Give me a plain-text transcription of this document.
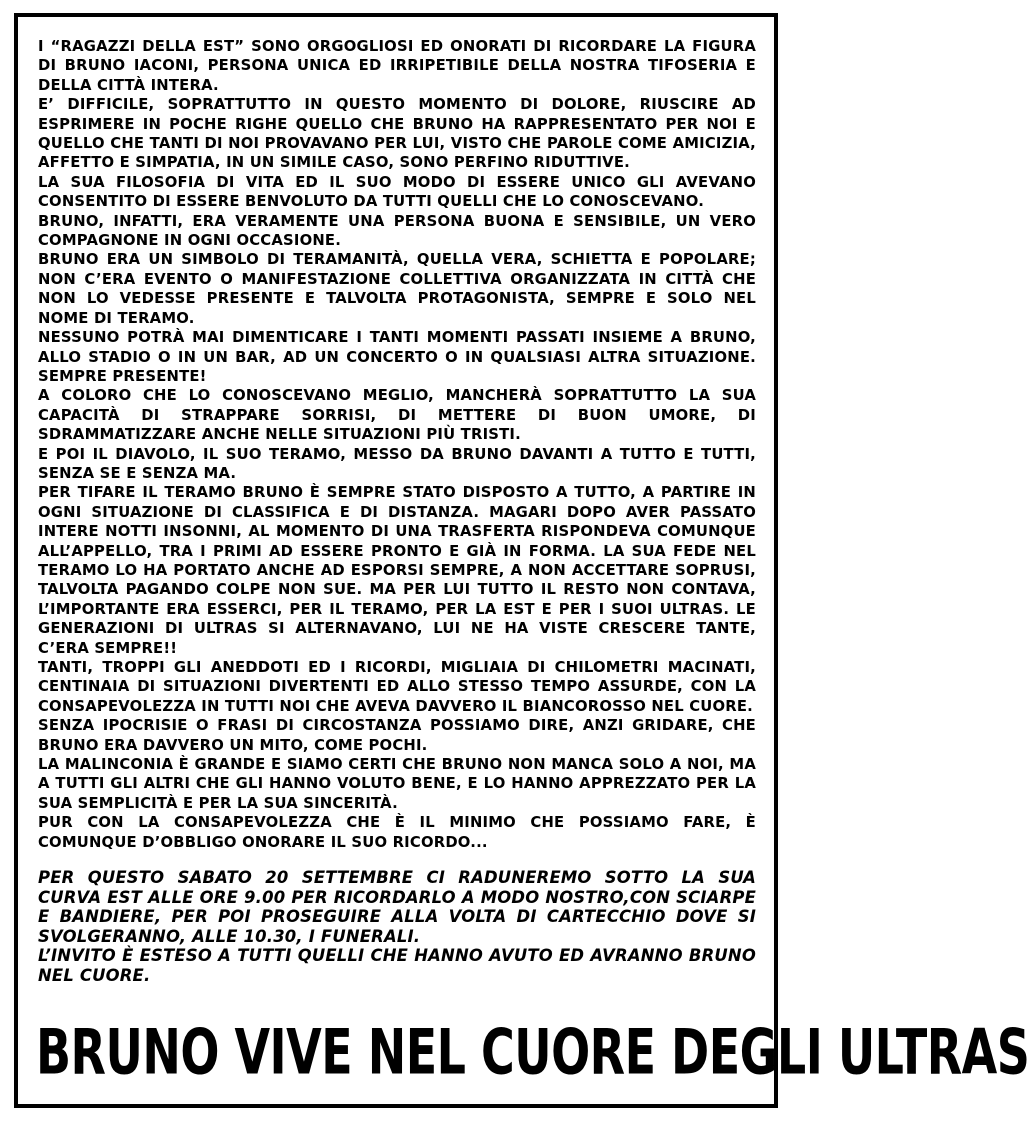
I “RAGAZZI DELLA EST” SONO ORGOGLIOSI ED ONORATI DI RICORDARE LA FIGURA DI BRUNO IACONI, PERSONA UNICA ED IRRIPETIBILE DELLA NOSTRA TIFOSERIA E DELLA CITTÀ INTERA.

E’ DIFFICILE, SOPRATTUTTO IN QUESTO MOMENTO DI DOLORE, RIUSCIRE AD ESPRIMERE IN POCHE RIGHE QUELLO CHE BRUNO HA RAPPRESENTATO PER NOI E QUELLO CHE TANTI DI NOI PROVAVANO PER LUI, VISTO CHE PAROLE COME AMICIZIA, AFFETTO E SIMPATIA, IN UN SIMILE CASO, SONO PERFINO RIDUTTIVE.

LA SUA FILOSOFIA DI VITA ED IL SUO MODO DI ESSERE UNICO GLI AVEVANO CONSENTITO DI ESSERE BENVOLUTO DA TUTTI QUELLI CHE LO CONOSCEVANO.

BRUNO, INFATTI, ERA VERAMENTE UNA PERSONA BUONA E SENSIBILE, UN VERO COMPAGNONE IN OGNI OCCASIONE.

BRUNO ERA UN SIMBOLO DI TERAMANITÀ, QUELLA VERA, SCHIETTA E POPOLARE; NON C’ERA EVENTO O MANIFESTAZIONE COLLETTIVA ORGANIZZATA IN CITTÀ CHE NON LO VEDESSE PRESENTE E TALVOLTA PROTAGONISTA, SEMPRE E SOLO NEL NOME DI TERAMO.

NESSUNO POTRÀ MAI DIMENTICARE I TANTI MOMENTI PASSATI INSIEME A BRUNO, ALLO STADIO O IN UN BAR, AD UN CONCERTO O IN QUALSIASI ALTRA SITUAZIONE. SEMPRE PRESENTE!

A COLORO CHE LO CONOSCEVANO MEGLIO, MANCHERÀ SOPRATTUTTO LA SUA CAPACITÀ DI STRAPPARE SORRISI, DI METTERE DI BUON UMORE, DI SDRAMMATIZZARE ANCHE NELLE SITUAZIONI PIÙ TRISTI.

E POI IL DIAVOLO, IL SUO TERAMO, MESSO DA BRUNO DAVANTI A TUTTO E TUTTI, SENZA SE E SENZA MA.

PER TIFARE IL TERAMO BRUNO È SEMPRE STATO DISPOSTO A TUTTO, A PARTIRE IN OGNI SITUAZIONE DI CLASSIFICA E DI DISTANZA. MAGARI DOPO AVER PASSATO INTERE NOTTI INSONNI, AL MOMENTO DI UNA TRASFERTA RISPONDEVA COMUNQUE ALL’APPELLO, TRA I PRIMI AD ESSERE PRONTO E GIÀ IN FORMA. LA SUA FEDE NEL TERAMO LO HA PORTATO ANCHE AD ESPORSI SEMPRE, A NON ACCETTARE SOPRUSI, TALVOLTA PAGANDO COLPE NON SUE. MA PER LUI TUTTO IL RESTO NON CONTAVA, L’IMPORTANTE ERA ESSERCI, PER IL TERAMO, PER LA EST E PER I SUOI ULTRAS. LE GENERAZIONI DI ULTRAS SI ALTERNAVANO, LUI NE HA VISTE CRESCERE TANTE, C’ERA SEMPRE!!

TANTI, TROPPI GLI ANEDDOTI ED I RICORDI, MIGLIAIA DI CHILOMETRI MACINATI, CENTINAIA DI SITUAZIONI DIVERTENTI ED ALLO STESSO TEMPO ASSURDE, CON LA CONSAPEVOLEZZA IN TUTTI NOI CHE AVEVA DAVVERO IL BIANCOROSSO NEL CUORE.

SENZA IPOCRISIE O FRASI DI CIRCOSTANZA POSSIAMO DIRE, ANZI GRIDARE, CHE BRUNO ERA DAVVERO UN MITO, COME POCHI.

LA MALINCONIA È GRANDE E SIAMO CERTI CHE BRUNO NON MANCA SOLO A NOI, MA A TUTTI GLI ALTRI CHE GLI HANNO VOLUTO BENE, E LO HANNO APPREZZATO PER LA SUA SEMPLICITÀ E PER LA SUA SINCERITÀ.

PUR CON LA CONSAPEVOLEZZA CHE È IL MINIMO CHE POSSIAMO FARE, È COMUNQUE D’OBBLIGO ONORARE IL SUO RICORDO...

PER QUESTO SABATO 20 SETTEMBRE CI RADUNEREMO SOTTO LA SUA CURVA EST ALLE ORE 9.00 PER RICORDARLO A MODO NOSTRO,CON SCIARPE E BANDIERE, PER POI PROSEGUIRE ALLA VOLTA DI CARTECCHIO DOVE SI SVOLGERANNO, ALLE 10.30, I FUNERALI.

L’INVITO È ESTESO A TUTTI QUELLI CHE HANNO AVUTO ED AVRANNO BRUNO NEL CUORE.

BRUNO VIVE NEL CUORE DEGLI ULTRAS
